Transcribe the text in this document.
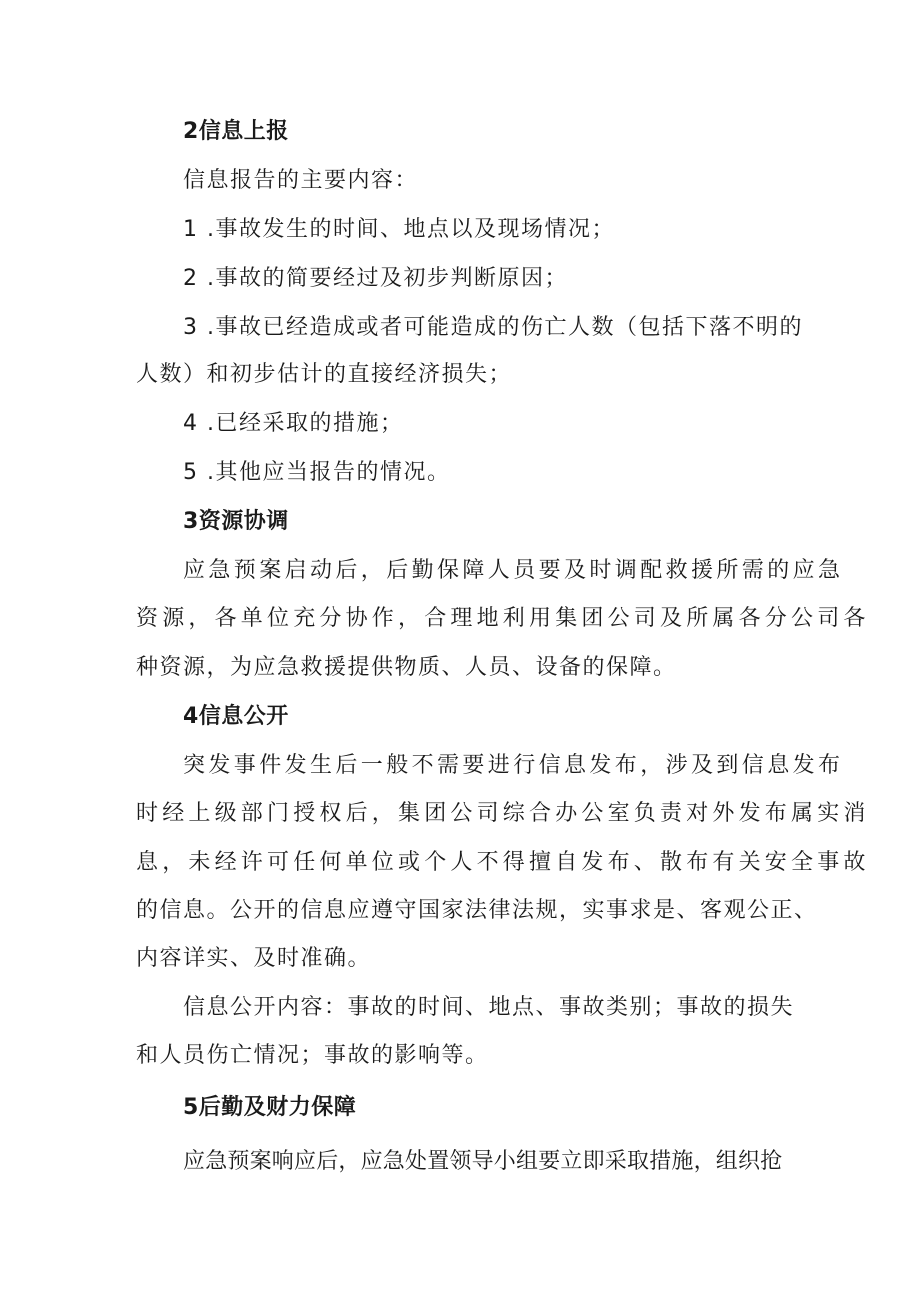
2信息上报
信息报告的主要内容：
1 .事故发生的时间、地点以及现场情况；
2 .事故的简要经过及初步判断原因；
3 .事故已经造成或者可能造成的伤亡人数（包括下落不明的
人数）和初步估计的直接经济损失；
4 .已经采取的措施；
5 .其他应当报告的情况。
3资源协调
应急预案启动后，后勤保障人员要及时调配救援所需的应急
资源，各单位充分协作，合理地利用集团公司及所属各分公司各
种资源，为应急救援提供物质、人员、设备的保障。
4信息公开
突发事件发生后一般不需要进行信息发布，涉及到信息发布
时经上级部门授权后，集团公司综合办公室负责对外发布属实消
息，未经许可任何单位或个人不得擅自发布、散布有关安全事故
的信息。公开的信息应遵守国家法律法规，实事求是、客观公正、
内容详实、及时准确。
信息公开内容：事故的时间、地点、事故类别；事故的损失
和人员伤亡情况；事故的影响等。
5后勤及财力保障
应急预案响应后，应急处置领导小组要立即采取措施，组织抢
